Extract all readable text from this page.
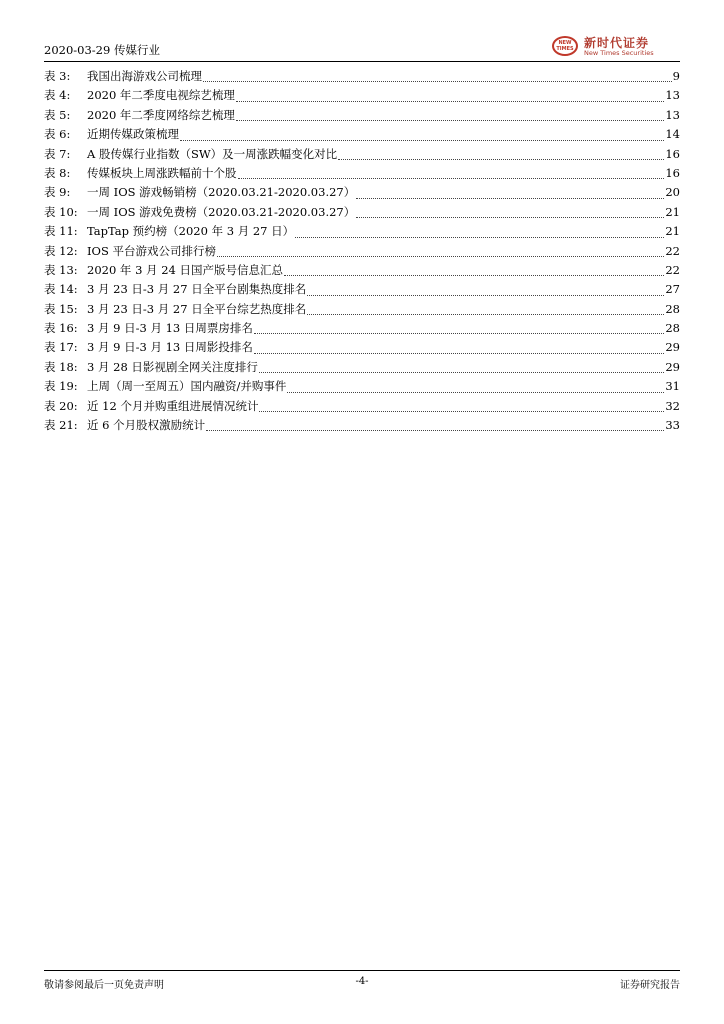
2020-03-29 传媒行业	NEW TIMES 新时代证券
New Times Securities
表 3:	我国出海游戏公司梳理	9
表 4:	2020 年二季度电视综艺梳理	13
表 5:	2020 年二季度网络综艺梳理	13
表 6:	近期传媒政策梳理	14
表 7:	A 股传媒行业指数（SW）及一周涨跌幅变化对比	16
表 8:	传媒板块上周涨跌幅前十个股	16
表 9:	一周 IOS 游戏畅销榜（2020.03.21-2020.03.27）	20
表 10: 一周 IOS 游戏免费榜（2020.03.21-2020.03.27）	21
表 11: TapTap 预约榜（2020 年 3 月 27 日）	21
表 12: IOS 平台游戏公司排行榜	22
表 13: 2020 年 3 月 24 日国产版号信息汇总	22
表 14: 3 月 23 日-3 月 27 日全平台剧集热度排名	27
表 15: 3 月 23 日-3 月 27 日全平台综艺热度排名	28
表 16: 3 月 9 日-3 月 13 日周票房排名	28
表 17: 3 月 9 日-3 月 13 日周影投排名	29
表 18: 3 月 28 日影视剧全网关注度排行	29
表 19: 上周（周一至周五）国内融资/并购事件	31
表 20: 近 12 个月并购重组进展情况统计	32
表 21: 近 6 个月股权激励统计	33
敬请参阅最后一页免责声明	-4-	证券研究报告
